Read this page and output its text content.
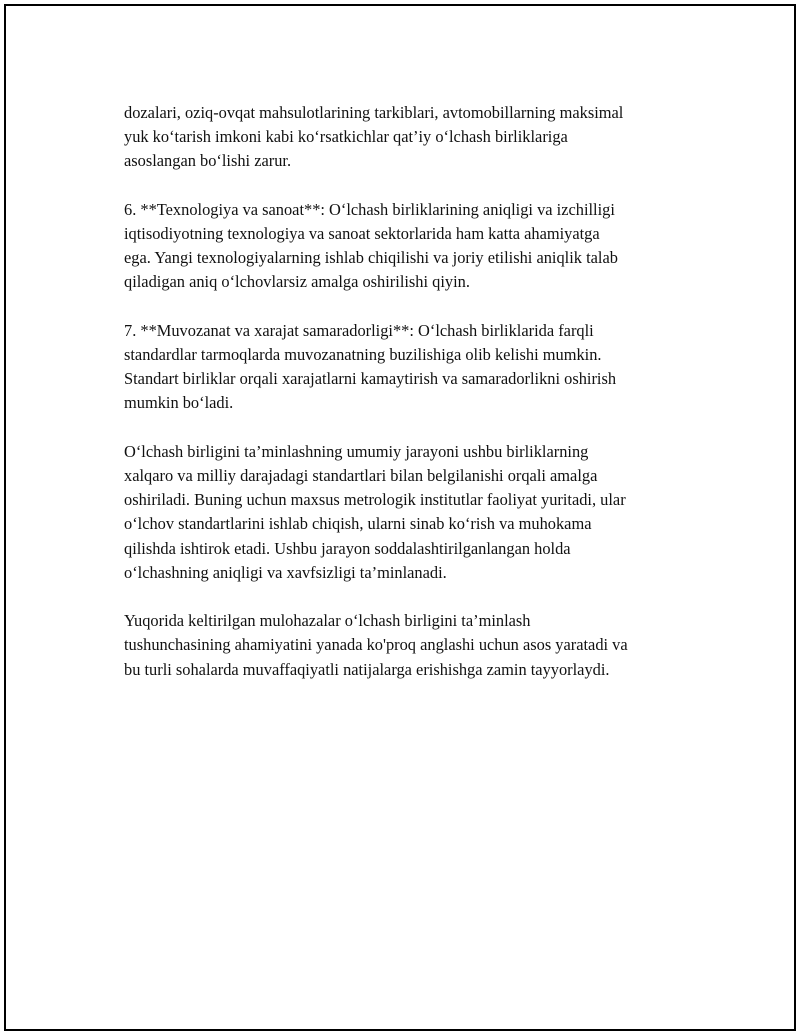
dozalari, oziq-ovqat mahsulotlarining tarkiblari, avtomobillarning maksimal
yuk ko‘tarish imkoni kabi ko‘rsatkichlar qat’iy o‘lchash birliklariga
asoslangan bo‘lishi zarur.

6. **Texnologiya va sanoat**: O‘lchash birliklarining aniqligi va izchilligi
iqtisodiyotning texnologiya va sanoat sektorlarida ham katta ahamiyatga
ega. Yangi texnologiyalarning ishlab chiqilishi va joriy etilishi aniqlik talab
qiladigan aniq o‘lchovlarsiz amalga oshirilishi qiyin.

7. **Muvozanat va xarajat samaradorligi**: O‘lchash birliklarida farqli
standardlar tarmoqlarda muvozanatning buzilishiga olib kelishi mumkin.
Standart birliklar orqali xarajatlarni kamaytirish va samaradorlikni oshirish
mumkin bo‘ladi.

O‘lchash birligini ta’minlashning umumiy jarayoni ushbu birliklarning
xalqaro va milliy darajadagi standartlari bilan belgilanishi orqali amalga
oshiriladi. Buning uchun maxsus metrologik institutlar faoliyat yuritadi, ular
o‘lchov standartlarini ishlab chiqish, ularni sinab ko‘rish va muhokama
qilishda ishtirok etadi. Ushbu jarayon soddalashtirilganlangan holda
o‘lchashning aniqligi va xavfsizligi ta’minlanadi.

Yuqorida keltirilgan mulohazalar o‘lchash birligini ta’minlash
tushunchasining ahamiyatini yanada ko'proq anglashi uchun asos yaratadi va
bu turli sohalarda muvaffaqiyatli natijalarga erishishga zamin tayyorlaydi.
